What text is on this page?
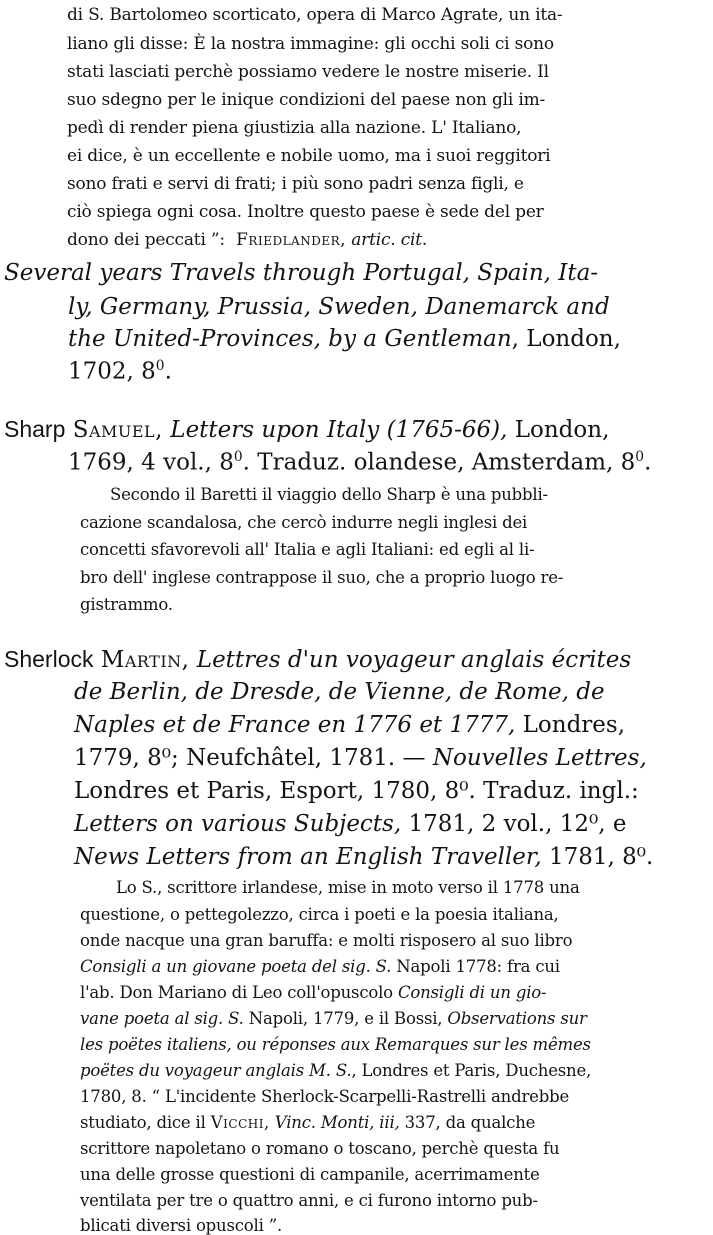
di S. Bartolomeo scorticato, opera di Marco Agrate, un ita-
liano gli disse: È la nostra immagine: gli occhi soli ci sono
stati lasciati perchè possiamo vedere le nostre miserie. Il
suo sdegno per le inique condizioni del paese non gli im-
pedì di render piena giustizia alla nazione. L' Italiano,
ei dice, è un eccellente e nobile uomo, ma i suoi reggitori
sono frati e servi di frati; i più sono padri senza figli, e
ciò spiega ogni cosa. Inoltre questo paese è sede del per
dono dei peccati ”: Friedlander, artic. cit.
Several years Travels through Portugal, Spain, Ita-
ly, Germany, Prussia, Sweden, Danemarck and
the United-Provinces, by a Gentleman, London,
1702, $8^0$.
Sharp Samuel, Letters upon Italy (1765-66), London,
1769, 4 vol., $8^0$. Traduz. olandese, Amsterdam, $8^0$.
Secondo il Baretti il viaggio dello Sharp è una pubbli-
cazione scandalosa, che cercò indurre negli inglesi dei
concetti sfavorevoli all' Italia e agli Italiani: ed egli al li-
bro dell' inglese contrappose il suo, che a proprio luogo re-
gistrammo.
Sherlock Martin, Lettres d'un voyageur anglais écrites
de Berlin, de Dresde, de Vienne, de Rome, de
Naples et de France en 1776 et 1777, Londres,
1779, 8⁰; Neufchâtel, 1781. — Nouvelles Lettres,
Londres et Paris, Esport, 1780, 8⁰. Traduz. ingl.:
Letters on various Subjects, 1781, 2 vol., 12⁰, e
News Letters from an English Traveller, 1781, 8⁰.
Lo S., scrittore irlandese, mise in moto verso il 1778 una
questione, o pettegolezzo, circa i poeti e la poesia italiana,
onde nacque una gran baruffa: e molti risposero al suo libro
Consigli a un giovane poeta del sig. S. Napoli 1778: fra cui
l'ab. Don Mariano di Leo coll'opuscolo Consigli di un gio-
vane poeta al sig. S. Napoli, 1779, e il Bossi, Observations sur
les poëtes italiens, ou réponses aux Remarques sur les mêmes
poëtes du voyageur anglais M. S., Londres et Paris, Duchesne,
1780, 8. “ L'incidente Sherlock-Scarpelli-Rastrelli andrebbe
studiato, dice il Vicchi, Vinc. Monti, iii, 337, da qualche
scrittore napoletano o romano o toscano, perchè questa fu
una delle grosse questioni di campanile, acerrimamente
ventilata per tre o quattro anni, e ci furono intorno pub-
blicati diversi opuscoli ”.
